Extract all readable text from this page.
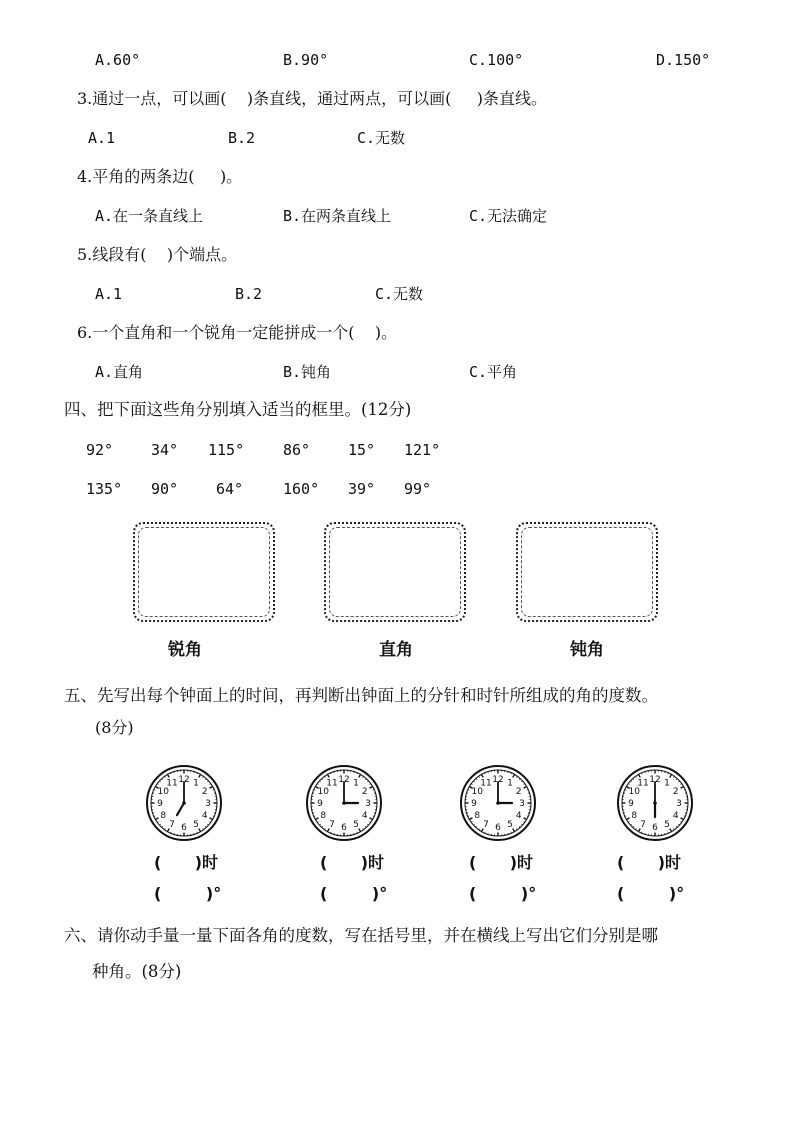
A.60°	B.90°	C.100°	D.150°
3.通过一点，可以画(    )条直线，通过两点，可以画(     )条直线。
A.1	B.2	C.无数
4.平角的两条边(     )。
A.在一条直线上	B.在两条直线上	C.无法确定
5.线段有(    )个端点。
A.1	B.2	C.无数
6.一个直角和一个锐角一定能拼成一个(    )。
A.直角	B.钝角	C.平角
四、把下面这些角分别填入适当的框里。(12分)
92°	34° 115°	86°	15° 121°
135° 90°	64°	160° 39° 99°
锐角	直角	钝角
五、先写出每个钟面上的时间，再判断出钟面上的分针和时针所组成的角的度数。
(8分)
12 1
2
3
4
5
6
7
8
9
10
11	12 1
2
3
4
5
6
7
8
9
10
11	12 1
2
3
4
5
6
7
8
9
10
11	12 1
2
3
4
5
6
7
8
9
10
11
(      )时	(      )时	(      )时	(      )时
(        )°	(        )°	(        )°	(        )°
六、请你动手量一量下面各角的度数，写在括号里，并在横线上写出它们分别是哪
种角。(8分)
